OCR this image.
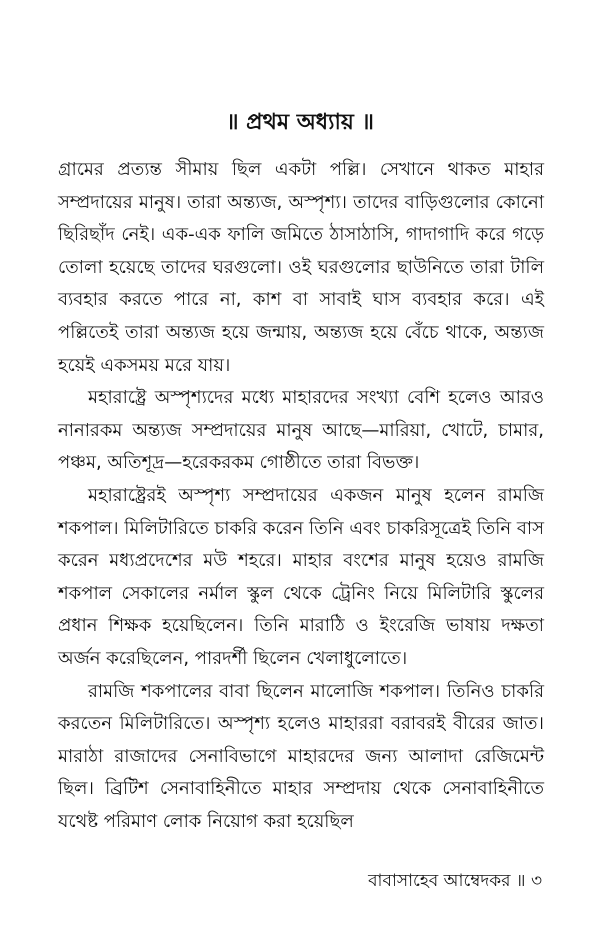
॥ প্রথম অধ্যায় ॥

গ্রামের প্রত্যন্ত সীমায় ছিল একটা পল্লি। সেখানে থাকত মাহার সম্প্রদায়ের মানুষ। তারা অন্ত্যজ, অস্পৃশ্য। তাদের বাড়িগুলোর কোনো ছিরিছাঁদ নেই। এক-এক ফালি জমিতে ঠাসাঠাসি, গাদাগাদি করে গড়ে তোলা হয়েছে তাদের ঘরগুলো। ওই ঘরগুলোর ছাউনিতে তারা টালি ব্যবহার করতে পারে না, কাশ বা সাবাই ঘাস ব্যবহার করে। এই পল্লিতেই তারা অন্ত্যজ হয়ে জন্মায়, অন্ত্যজ হয়ে বেঁচে থাকে, অন্ত্যজ হয়েই একসময় মরে যায়।

মহারাষ্ট্রে অস্পৃশ্যদের মধ্যে মাহারদের সংখ্যা বেশি হলেও আরও নানারকম অন্ত্যজ সম্প্রদায়ের মানুষ আছে—মারিয়া, খোটে, চামার, পঞ্চম, অতিশূদ্র—হরেকরকম গোষ্ঠীতে তারা বিভক্ত।

মহারাষ্ট্রেরই অস্পৃশ্য সম্প্রদায়ের একজন মানুষ হলেন রামজি শকপাল। মিলিটারিতে চাকরি করেন তিনি এবং চাকরিসূত্রেই তিনি বাস করেন মধ্যপ্রদেশের মউ শহরে। মাহার বংশের মানুষ হয়েও রামজি শকপাল সেকালের নর্মাল স্কুল থেকে ট্রেনিং নিয়ে মিলিটারি স্কুলের প্রধান শিক্ষক হয়েছিলেন। তিনি মারাঠি ও ইংরেজি ভাষায় দক্ষতা অর্জন করেছিলেন, পারদর্শী ছিলেন খেলাধুলোতে।

রামজি শকপালের বাবা ছিলেন মালোজি শকপাল। তিনিও চাকরি করতেন মিলিটারিতে। অস্পৃশ্য হলেও মাহাররা বরাবরই বীরের জাত। মারাঠা রাজাদের সেনাবিভাগে মাহারদের জন্য আলাদা রেজিমেন্ট ছিল। ব্রিটিশ সেনাবাহিনীতে মাহার সম্প্রদায় থেকে সেনাবাহিনীতে যথেষ্ট পরিমাণ লোক নিয়োগ করা হয়েছিল

বাবাসাহেব আম্বেদকর ॥ ৩
